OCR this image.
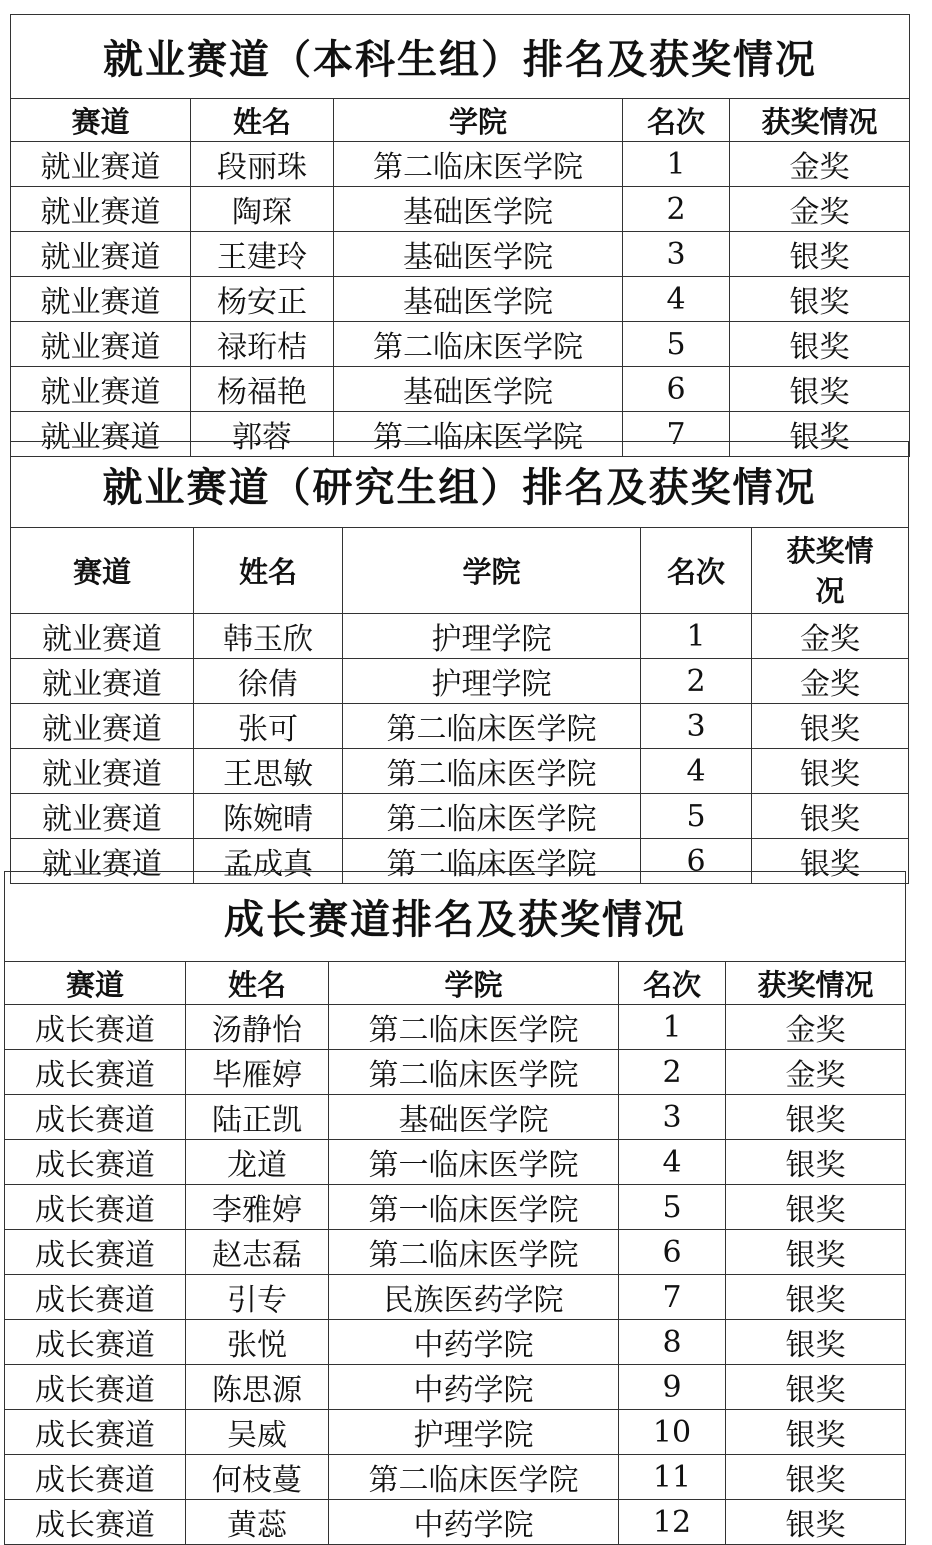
就业赛道（本科生组）排名及获奖情况				
赛道	姓名	学院	名次	获奖情况
就业赛道	段丽珠	第二临床医学院	1	金奖
就业赛道	陶琛	基础医学院	2	金奖
就业赛道	王建玲	基础医学院	3	银奖
就业赛道	杨安正	基础医学院	4	银奖
就业赛道	禄珩桔	第二临床医学院	5	银奖
就业赛道	杨福艳	基础医学院	6	银奖
就业赛道	郭蓉	第二临床医学院	7	银奖
就业赛道（研究生组）排名及获奖情况				
赛道	姓名	学院	名次	获奖情况
就业赛道	韩玉欣	护理学院	1	金奖
就业赛道	徐倩	护理学院	2	金奖
就业赛道	张可	第二临床医学院	3	银奖
就业赛道	王思敏	第二临床医学院	4	银奖
就业赛道	陈婉晴	第二临床医学院	5	银奖
就业赛道	孟成真	第二临床医学院	6	银奖
成长赛道排名及获奖情况				
赛道	姓名	学院	名次	获奖情况
成长赛道	汤静怡	第二临床医学院	1	金奖
成长赛道	毕雁婷	第二临床医学院	2	金奖
成长赛道	陆正凯	基础医学院	3	银奖
成长赛道	龙道	第一临床医学院	4	银奖
成长赛道	李雅婷	第一临床医学院	5	银奖
成长赛道	赵志磊	第二临床医学院	6	银奖
成长赛道	引专	民族医药学院	7	银奖
成长赛道	张悦	中药学院	8	银奖
成长赛道	陈思源	中药学院	9	银奖
成长赛道	吴威	护理学院	10	银奖
成长赛道	何枝蔓	第二临床医学院	11	银奖
成长赛道	黄蕊	中药学院	12	银奖
